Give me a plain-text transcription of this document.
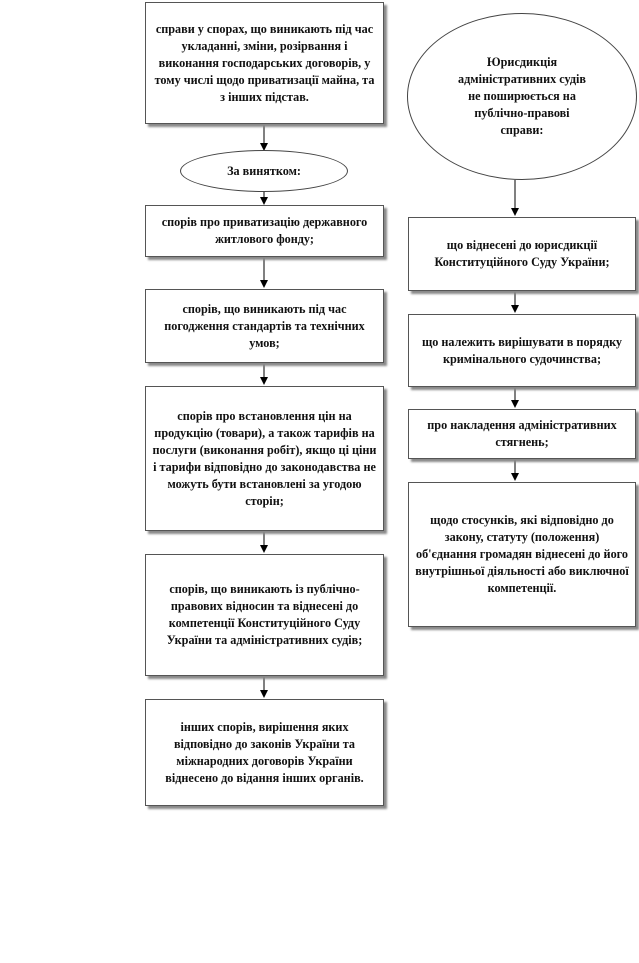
справи у спорах, що виникають під час укладанні, зміни, розірвання і виконання господарських договорів, у тому числі щодо приватизації майна, та з інших підстав.
За винятком:
спорів про приватизацію державного житлового фонду;
спорів, що виникають під час погодження стандартів та технічних умов;
спорів про встановлення цін на продукцію (товари), а також тарифів на послуги (виконання робіт), якщо ці ціни і тарифи відповідно до законодавства не можуть бути встановлені за угодою сторін;
спорів, що виникають із публічно-правових відносин та віднесені до компетенції Конституційного Суду України та адміністративних судів;
інших спорів, вирішення яких відповідно до законів України та міжнародних договорів України віднесено до відання інших органів.
Юрисдикція адміністративних судів не поширюється на публічно-правові справи:
що віднесені до юрисдикції Конституційного Суду України;
що належить вирішувати в порядку кримінального судочинства;
про накладення адміністративних стягнень;
щодо стосунків, які відповідно до закону, статуту (положення) об'єднання громадян віднесені до його внутрішньої діяльності або виключної компетенції.
